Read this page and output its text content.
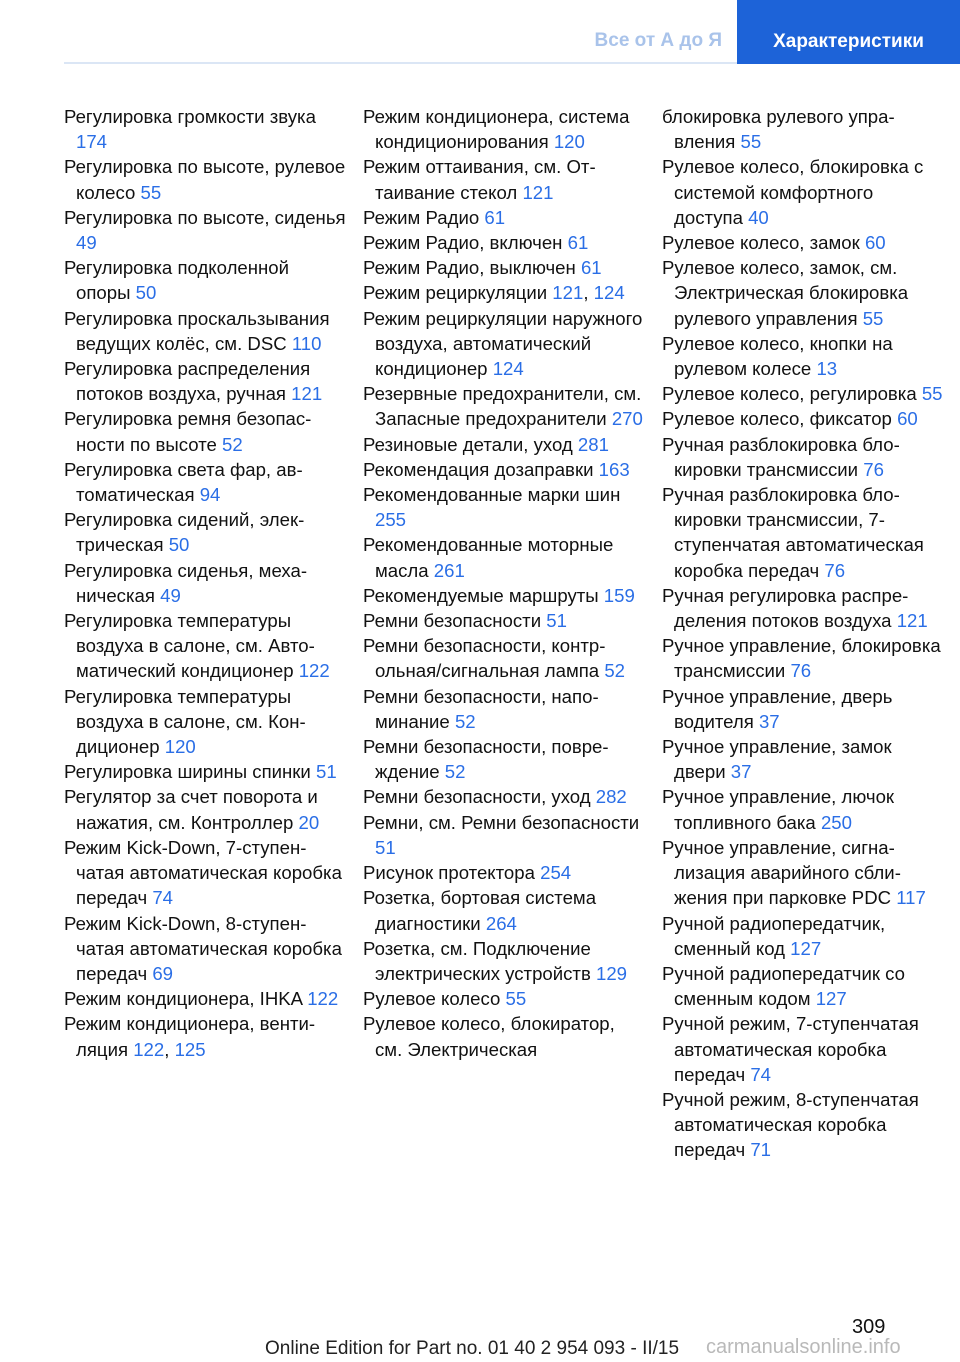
Все от А до Я	Характеристики
Регулировка громкости звука 174
Регулировка по высоте, рулевое колесо 55
Регулировка по высоте, сиденья 49
Регулировка подколенной опоры 50
Регулировка проскальзывания ведущих колёс, см. DSC 110
Регулировка распределения потоков воздуха, ручная 121
Регулировка ремня безопасности по высоте 52
Регулировка света фар, автоматическая 94
Регулировка сидений, электрическая 50
Регулировка сиденья, механическая 49
Регулировка температуры воздуха в салоне, см. Автоматический кондиционер 122
Регулировка температуры воздуха в салоне, см. Кондиционер 120
Регулировка ширины спинки 51
Регулятор за счет поворота и нажатия, см. Контроллер 20
Режим Kick-Down, 7-ступенчатая автоматическая коробка передач 74
Режим Kick-Down, 8-ступенчатая автоматическая коробка передач 69
Режим кондиционера, IHKA 122
Режим кондиционера, вентиляция 122, 125
Режим кондиционера, система кондиционирования 120
Режим оттаивания, см. Оттаивание стекол 121
Режим Радио 61
Режим Радио, включен 61
Режим Радио, выключен 61
Режим рециркуляции 121, 124
Режим рециркуляции наружного воздуха, автоматический кондиционер 124
Резервные предохранители, см. Запасные предохранители 270
Резиновые детали, уход 281
Рекомендация дозаправки 163
Рекомендованные марки шин 255
Рекомендованные моторные масла 261
Рекомендуемые маршруты 159
Ремни безопасности 51
Ремни безопасности, контрольная/сигнальная лампа 52
Ремни безопасности, напоминание 52
Ремни безопасности, повреждение 52
Ремни безопасности, уход 282
Ремни, см. Ремни безопасности 51
Рисунок протектора 254
Розетка, бортовая система диагностики 264
Розетка, см. Подключение электрических устройств 129
Рулевое колесо 55
Рулевое колесо, блокиратор, см. Электрическая
блокировка рулевого управления 55
Рулевое колесо, блокировка с системой комфортного доступа 40
Рулевое колесо, замок 60
Рулевое колесо, замок, см. Электрическая блокировка рулевого управления 55
Рулевое колесо, кнопки на рулевом колесе 13
Рулевое колесо, регулировка 55
Рулевое колесо, фиксатор 60
Ручная разблокировка блокировки трансмиссии 76
Ручная разблокировка блокировки трансмиссии, 7-ступенчатая автоматическая коробка передач 76
Ручная регулировка распределения потоков воздуха 121
Ручное управление, блокировка трансмиссии 76
Ручное управление, дверь водителя 37
Ручное управление, замок двери 37
Ручное управление, лючок топливного бака 250
Ручное управление, сигнализация аварийного сближения при парковке PDC 117
Ручной радиопередатчик, сменный код 127
Ручной радиопередатчик со сменным кодом 127
Ручной режим, 7-ступенчатая автоматическая коробка передач 74
Ручной режим, 8-ступенчатая автоматическая коробка передач 71
309
Online Edition for Part no. 01 40 2 954 093 - II/15 carmanualsonline.info
